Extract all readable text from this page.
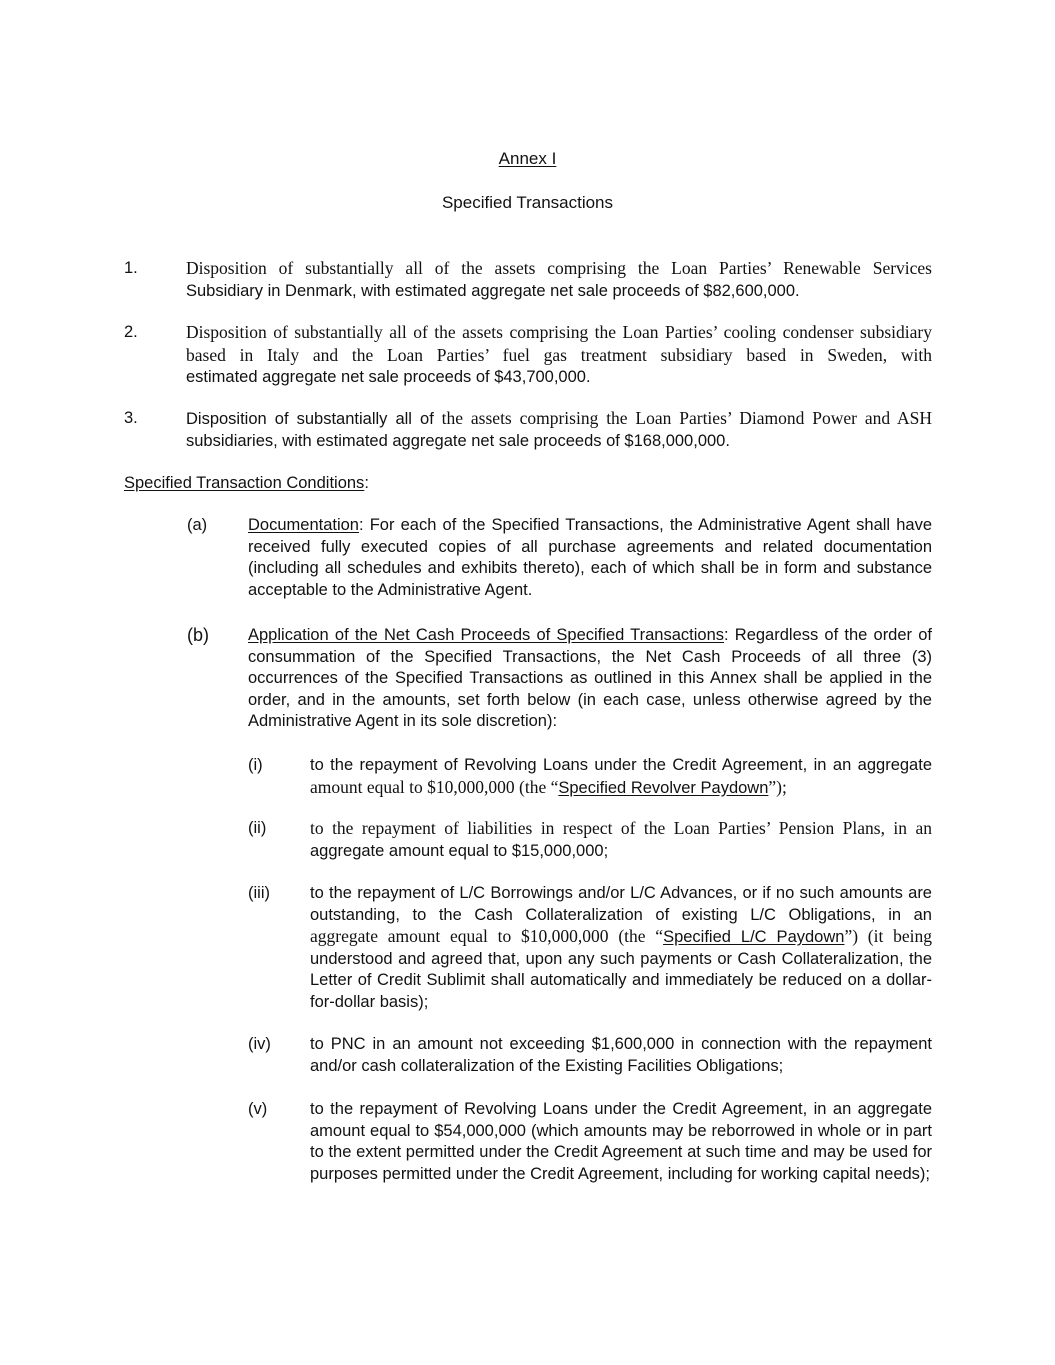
Annex I
Specified Transactions
1.	Disposition of substantially all of the assets comprising the Loan Parties’ Renewable Services

Subsidiary in Denmark, with estimated aggregate net sale proceeds of $82,600,000.

2.	Disposition of substantially all of the assets comprising the Loan Parties’ cooling condenser subsidiary based in Italy and the Loan Parties’ fuel gas treatment subsidiary based in Sweden, with

estimated aggregate net sale proceeds of $43,700,000.

3.	Disposition of substantially all of the assets comprising the Loan Parties’ Diamond Power and ASH

subsidiaries, with estimated aggregate net sale proceeds of $168,000,000.

Specified Transaction Conditions:
(a) Documentation: For each of the Specified Transactions, the Administrative Agent shall have received fully executed copies of all purchase agreements and related documentation (including all schedules and exhibits thereto), each of which shall be in form and substance acceptable to the Administrative Agent.

(b) Application of the Net Cash Proceeds of Specified Transactions: Regardless of the order of consummation of the Specified Transactions, the Net Cash Proceeds of all three (3) occurrences of the Specified Transactions as outlined in this Annex shall be applied in the order, and in the amounts, set forth below (in each case, unless otherwise agreed by the Administrative Agent in its sole discretion):

(i)	to the repayment of Revolving Loans under the Credit Agreement, in an aggregate

amount equal to $10,000,000 (the “Specified Revolver Paydown”);

(ii) to the repayment of liabilities in respect of the Loan Parties’ Pension Plans, in an

aggregate amount equal to $15,000,000;

(iii) to the repayment of L/C Borrowings and/or L/C Advances, or if no such amounts are outstanding, to the Cash Collateralization of existing L/C Obligations, in an

aggregate amount equal to $10,000,000 (the “Specified L/C Paydown”) (it being

understood and agreed that, upon any such payments or Cash Collateralization, the Letter of Credit Sublimit shall automatically and immediately be reduced on a dollar-for-dollar basis);

(iv) to PNC in an amount not exceeding $1,600,000 in connection with the repayment and/or cash collateralization of the Existing Facilities Obligations;

(v)	to the repayment of Revolving Loans under the Credit Agreement, in an aggregate amount equal to $54,000,000 (which amounts may be reborrowed in whole or in part to the extent permitted under the Credit Agreement at such time and may be used for purposes permitted under the Credit Agreement, including for working capital needs);
